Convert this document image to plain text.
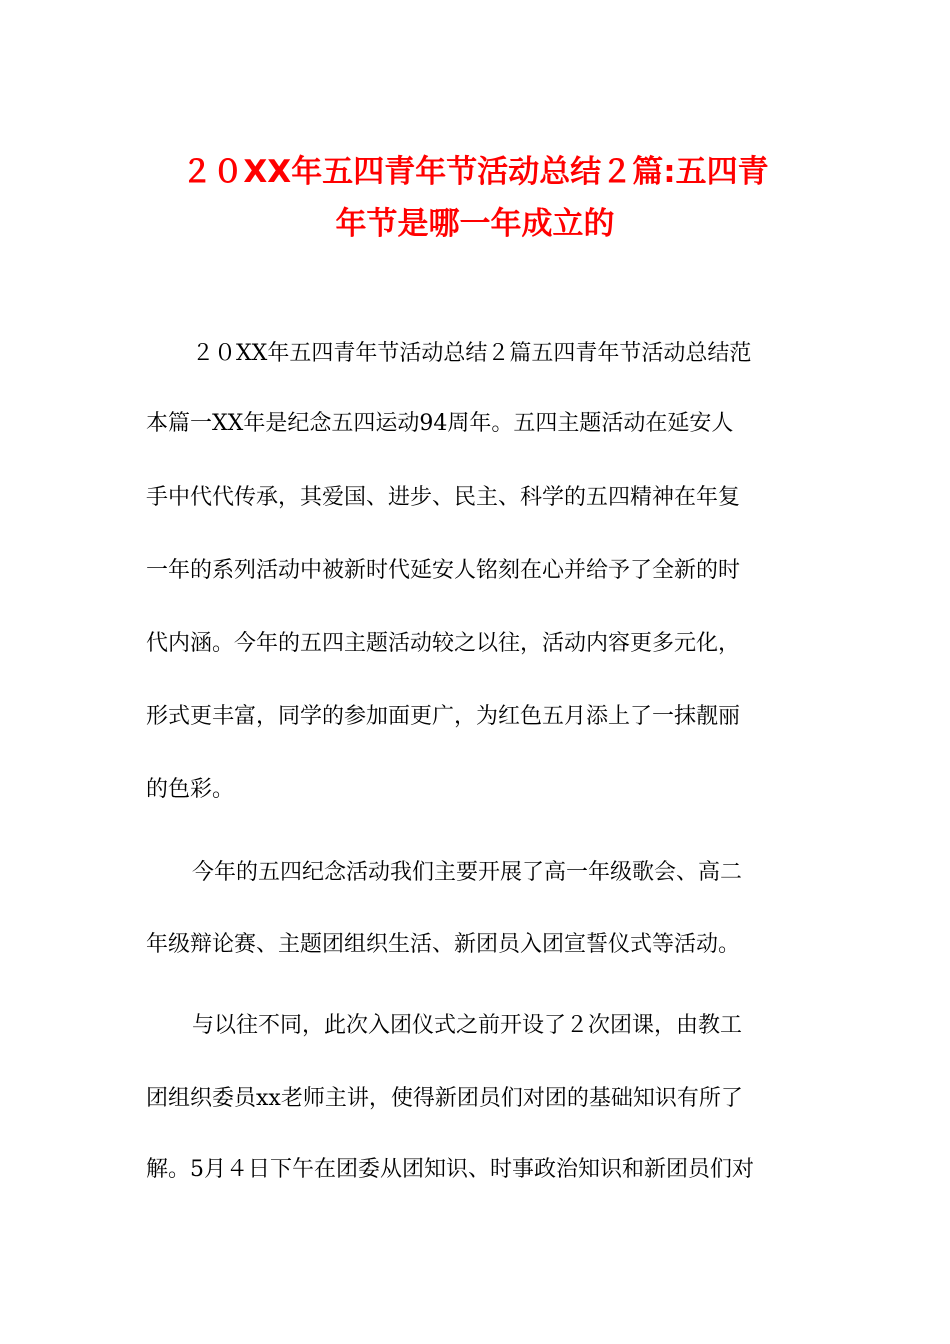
２０XX年五四青年节活动总结２篇:五四青
年节是哪一年成立的

２０XX年五四青年节活动总结２篇五四青年节活动总结范

本篇一XX年是纪念五四运动94周年。五四主题活动在延安人

手中代代传承，其爱国、进步、民主、科学的五四精神在年复

一年的系列活动中被新时代延安人铭刻在心并给予了全新的时

代内涵。今年的五四主题活动较之以往，活动内容更多元化，

形式更丰富，同学的参加面更广，为红色五月添上了一抹靓丽

的色彩。

今年的五四纪念活动我们主要开展了高一年级歌会、高二

年级辩论赛、主题团组织生活、新团员入团宣誓仪式等活动。

与以往不同，此次入团仪式之前开设了２次团课，由教工

团组织委员xx老师主讲，使得新团员们对团的基础知识有所了

解。5月４日下午在团委从团知识、时事政治知识和新团员们对
